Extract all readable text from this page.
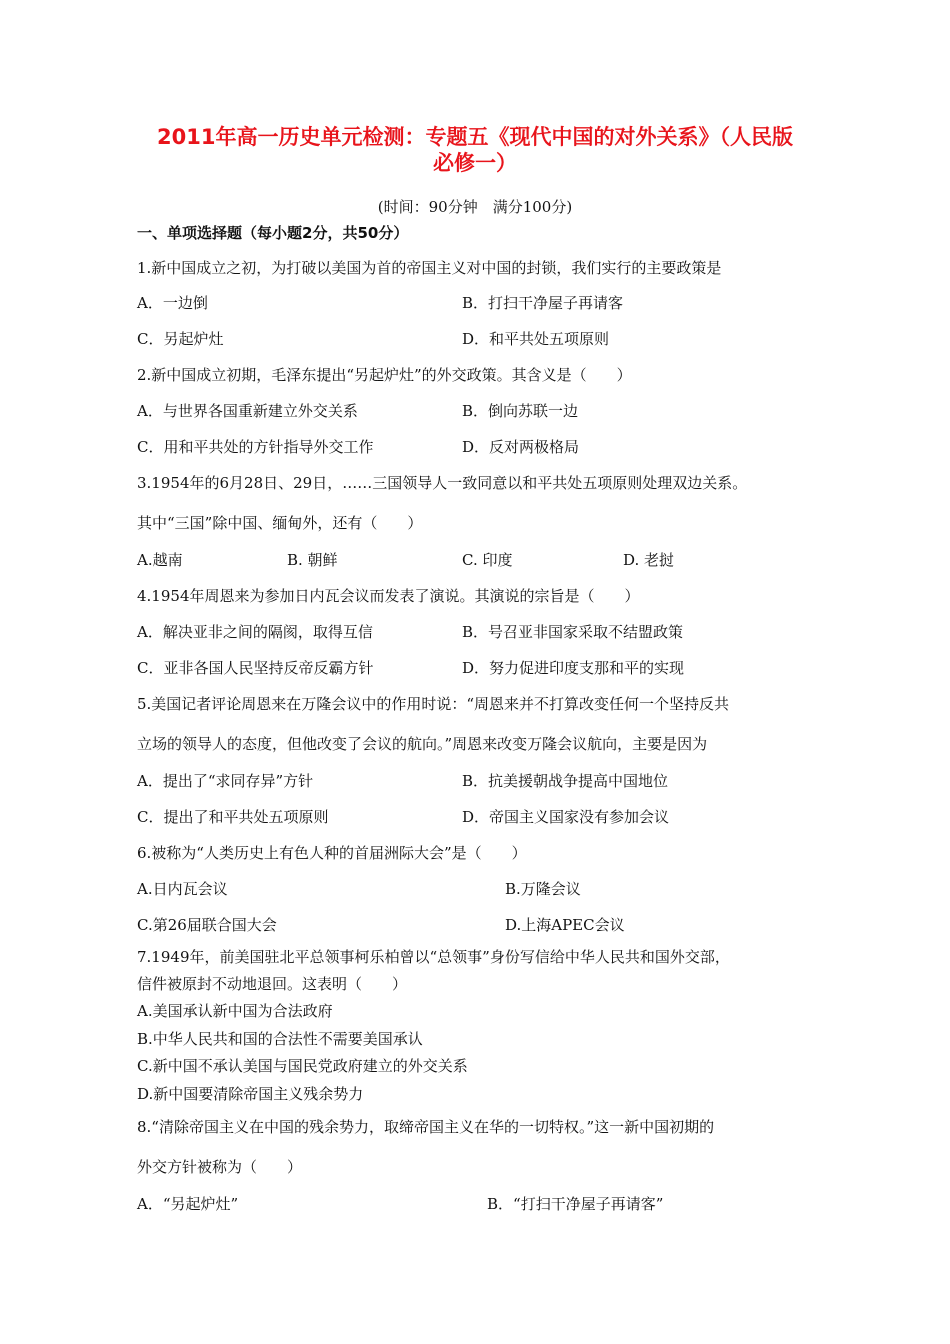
2011年高一历史单元检测：专题五《现代中国的对外关系》（人民版
必修一）
(时间：90分钟　满分100分)
一、单项选择题（每小题2分，共50分）
1.新中国成立之初，为打破以美国为首的帝国主义对中国的封锁，我们实行的主要政策是
A．一边倒	B．打扫干净屋子再请客
C．另起炉灶	D．和平共处五项原则
2.新中国成立初期，毛泽东提出“另起炉灶”的外交政策。其含义是（　　）
A．与世界各国重新建立外交关系	B．倒向苏联一边
C．用和平共处的方针指导外交工作	D．反对两极格局
3.1954年的6月28日、29日，……三国领导人一致同意以和平共处五项原则处理双边关系。
其中“三国”除中国、缅甸外，还有（　　）
A.越南	B. 朝鲜	C. 印度	D. 老挝
4.1954年周恩来为参加日内瓦会议而发表了演说。其演说的宗旨是（　　）
A．解决亚非之间的隔阂，取得互信	B．号召亚非国家采取不结盟政策
C．亚非各国人民坚持反帝反霸方针	D．努力促进印度支那和平的实现
5.美国记者评论周恩来在万隆会议中的作用时说：“周恩来并不打算改变任何一个坚持反共
立场的领导人的态度，但他改变了会议的航向。”周恩来改变万隆会议航向，主要是因为
A．提出了“求同存异”方针	B．抗美援朝战争提高中国地位
C．提出了和平共处五项原则	D．帝国主义国家没有参加会议
6.被称为“人类历史上有色人种的首届洲际大会”是（　　）
A.日内瓦会议	B.万隆会议
C.第26届联合国大会	D.上海APEC会议
7.1949年，前美国驻北平总领事柯乐柏曾以“总领事”身份写信给中华人民共和国外交部，
信件被原封不动地退回。这表明（　　）
A.美国承认新中国为合法政府
B.中华人民共和国的合法性不需要美国承认
C.新中国不承认美国与国民党政府建立的外交关系
D.新中国要清除帝国主义残余势力
8.“清除帝国主义在中国的残余势力，取缔帝国主义在华的一切特权。”这一新中国初期的
外交方针被称为（　　）
A．“另起炉灶”	B．“打扫干净屋子再请客”
